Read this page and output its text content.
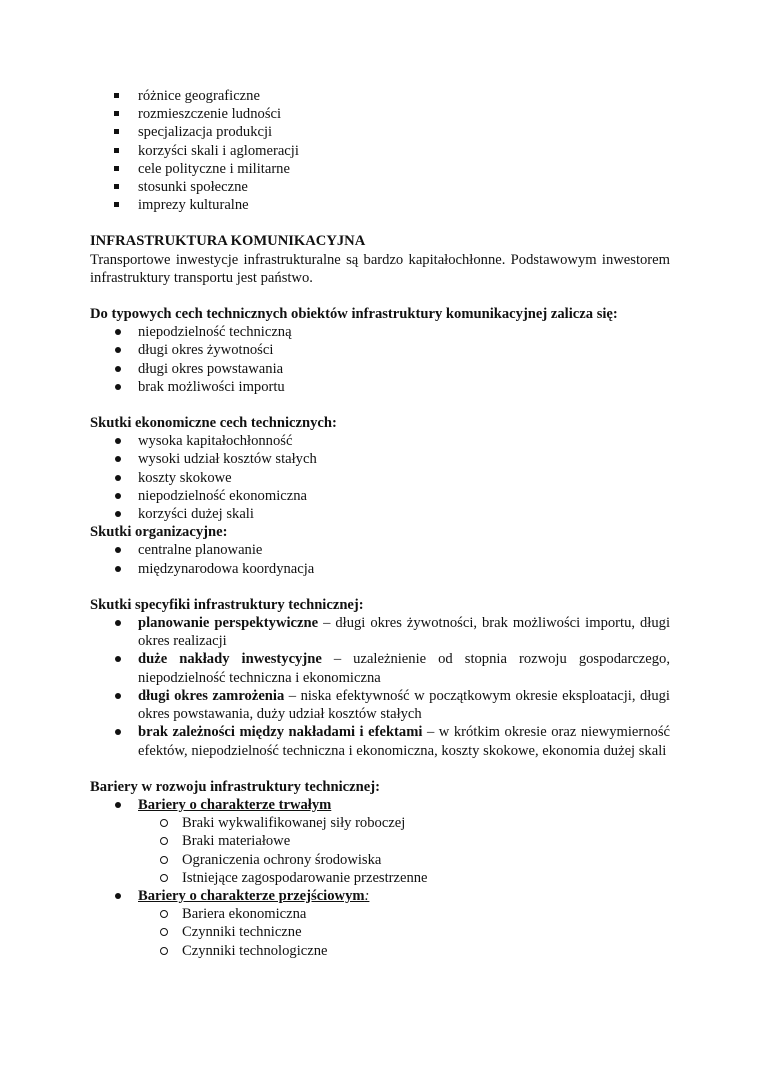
różnice geograficzne
rozmieszczenie ludności
specjalizacja produkcji
korzyści skali i aglomeracji
cele polityczne i militarne
stosunki społeczne
imprezy kulturalne
INFRASTRUKTURA KOMUNIKACYJNA
Transportowe inwestycje infrastrukturalne są bardzo kapitałochłonne. Podstawowym inwestorem infrastruktury transportu jest państwo.
Do typowych cech technicznych obiektów infrastruktury komunikacyjnej zalicza się:
niepodzielność techniczną
długi okres żywotności
długi okres powstawania
brak możliwości importu
Skutki ekonomiczne cech technicznych:
wysoka kapitałochłonność
wysoki udział kosztów stałych
koszty skokowe
niepodzielność ekonomiczna
korzyści dużej skali
Skutki organizacyjne:
centralne planowanie
międzynarodowa koordynacja
Skutki specyfiki infrastruktury technicznej:
planowanie perspektywiczne – długi okres żywotności, brak możliwości importu, długi okres realizacji
duże nakłady inwestycyjne – uzależnienie od stopnia rozwoju gospodarczego, niepodzielność techniczna i ekonomiczna
długi okres zamrożenia – niska efektywność w początkowym okresie eksploatacji, długi okres powstawania, duży udział kosztów stałych
brak zależności między nakładami i efektami – w krótkim okresie oraz niewymierność efektów, niepodzielność techniczna i ekonomiczna, koszty skokowe, ekonomia dużej skali
Bariery w rozwoju infrastruktury technicznej:
Bariery o charakterze trwałym
Braki wykwalifikowanej siły roboczej
Braki materiałowe
Ograniczenia ochrony środowiska
Istniejące zagospodarowanie przestrzenne
Bariery o charakterze przejściowym:
Bariera ekonomiczna
Czynniki techniczne
Czynniki technologiczne
